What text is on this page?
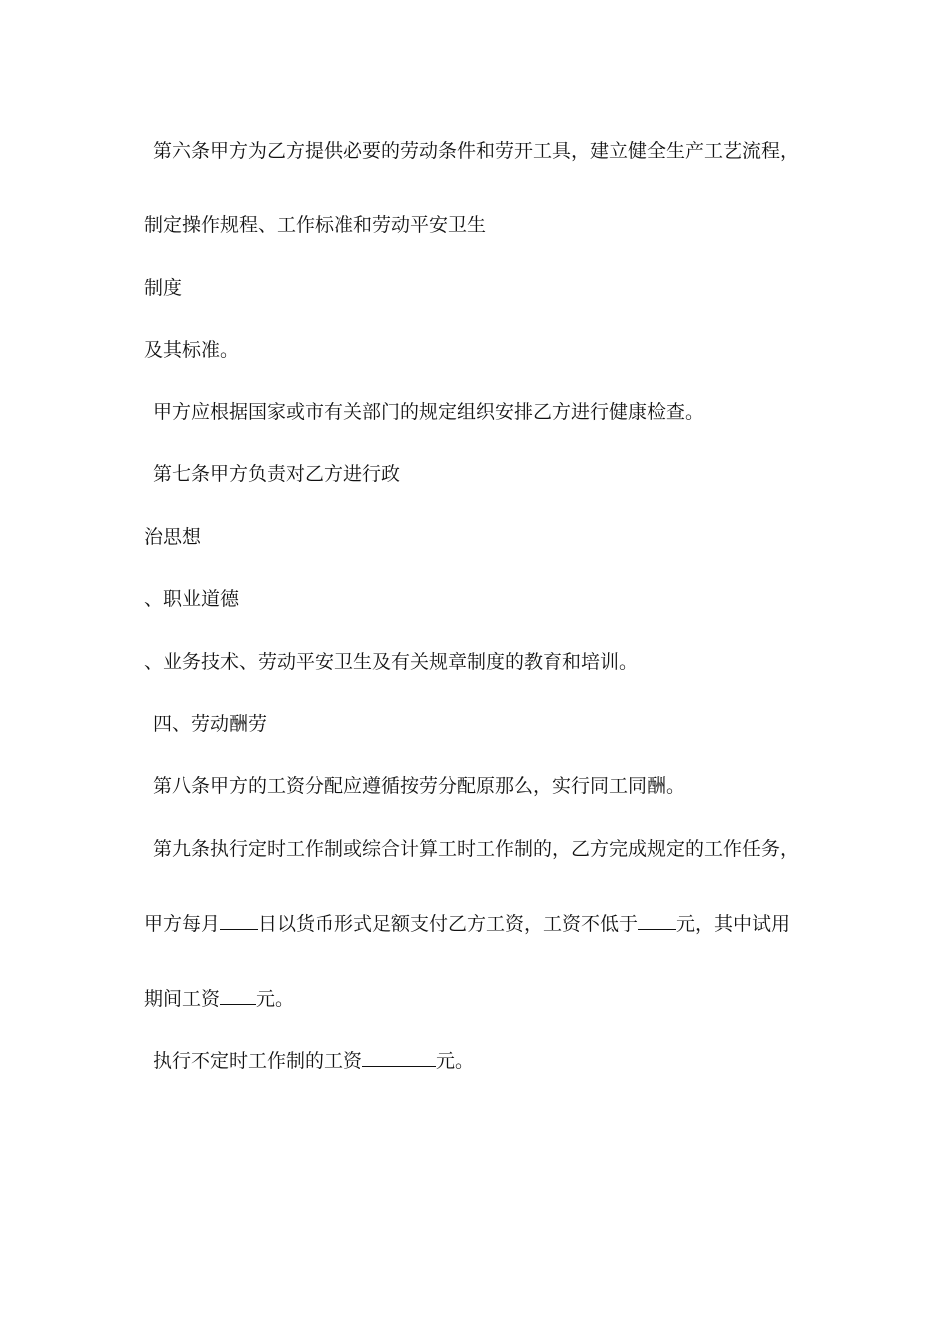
第六条甲方为乙方提供必要的劳动条件和劳开工具，建立健全生产工艺流程，
制定操作规程、工作标准和劳动平安卫生
制度
及其标准。
甲方应根据国家或市有关部门的规定组织安排乙方进行健康检查。
第七条甲方负责对乙方进行政
治思想
、职业道德
、业务技术、劳动平安卫生及有关规章制度的教育和培训。
四、劳动酬劳
第八条甲方的工资分配应遵循按劳分配原那么，实行同工同酬。
第九条执行定时工作制或综合计算工时工作制的，乙方完成规定的工作任务，
甲方每月 日以货币形式足额支付乙方工资，工资不低于 元，其中试用
期间工资 元。
执行不定时工作制的工资	元。
